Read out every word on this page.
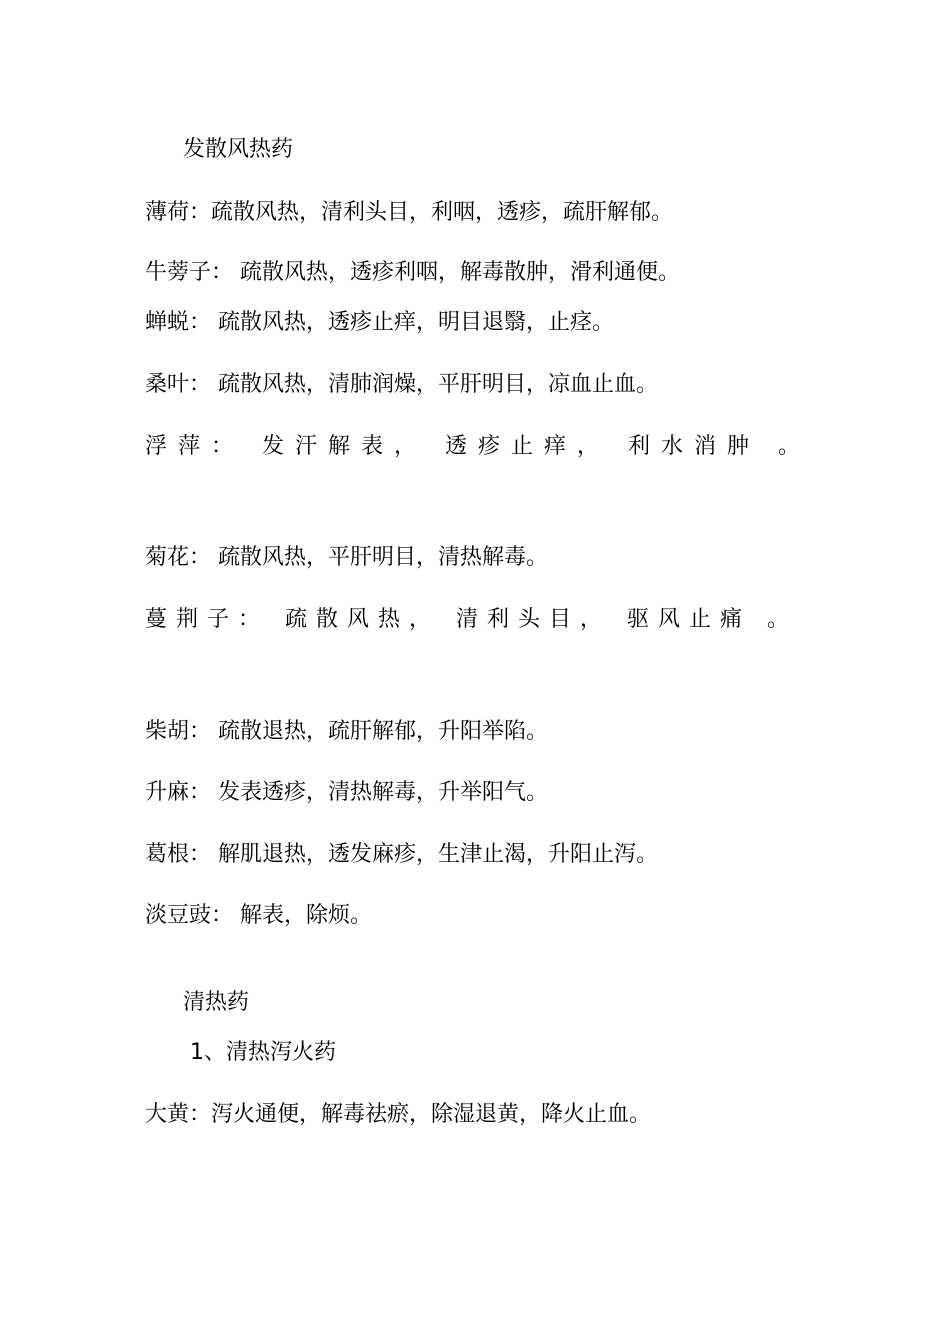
发散风热药
薄荷：疏散风热，清利头目，利咽，透疹，疏肝解郁。
牛蒡子： 疏散风热，透疹利咽，解毒散肿，滑利通便。
蝉蜕： 疏散风热，透疹止痒，明目退翳，止痉。
桑叶： 疏散风热，清肺润燥，平肝明目，凉血止血。
浮萍： 发汗解表， 透疹止痒， 利水消肿 。
菊花： 疏散风热，平肝明目，清热解毒。
蔓荆子： 疏散风热， 清利头目， 驱风止痛 。
柴胡： 疏散退热，疏肝解郁，升阳举陷。
升麻： 发表透疹，清热解毒，升举阳气。
葛根： 解肌退热，透发麻疹，生津止渴，升阳止泻。
淡豆豉： 解表，除烦。
清热药
1、清热泻火药
大黄：泻火通便，解毒祛瘀，除湿退黄，降火止血。
